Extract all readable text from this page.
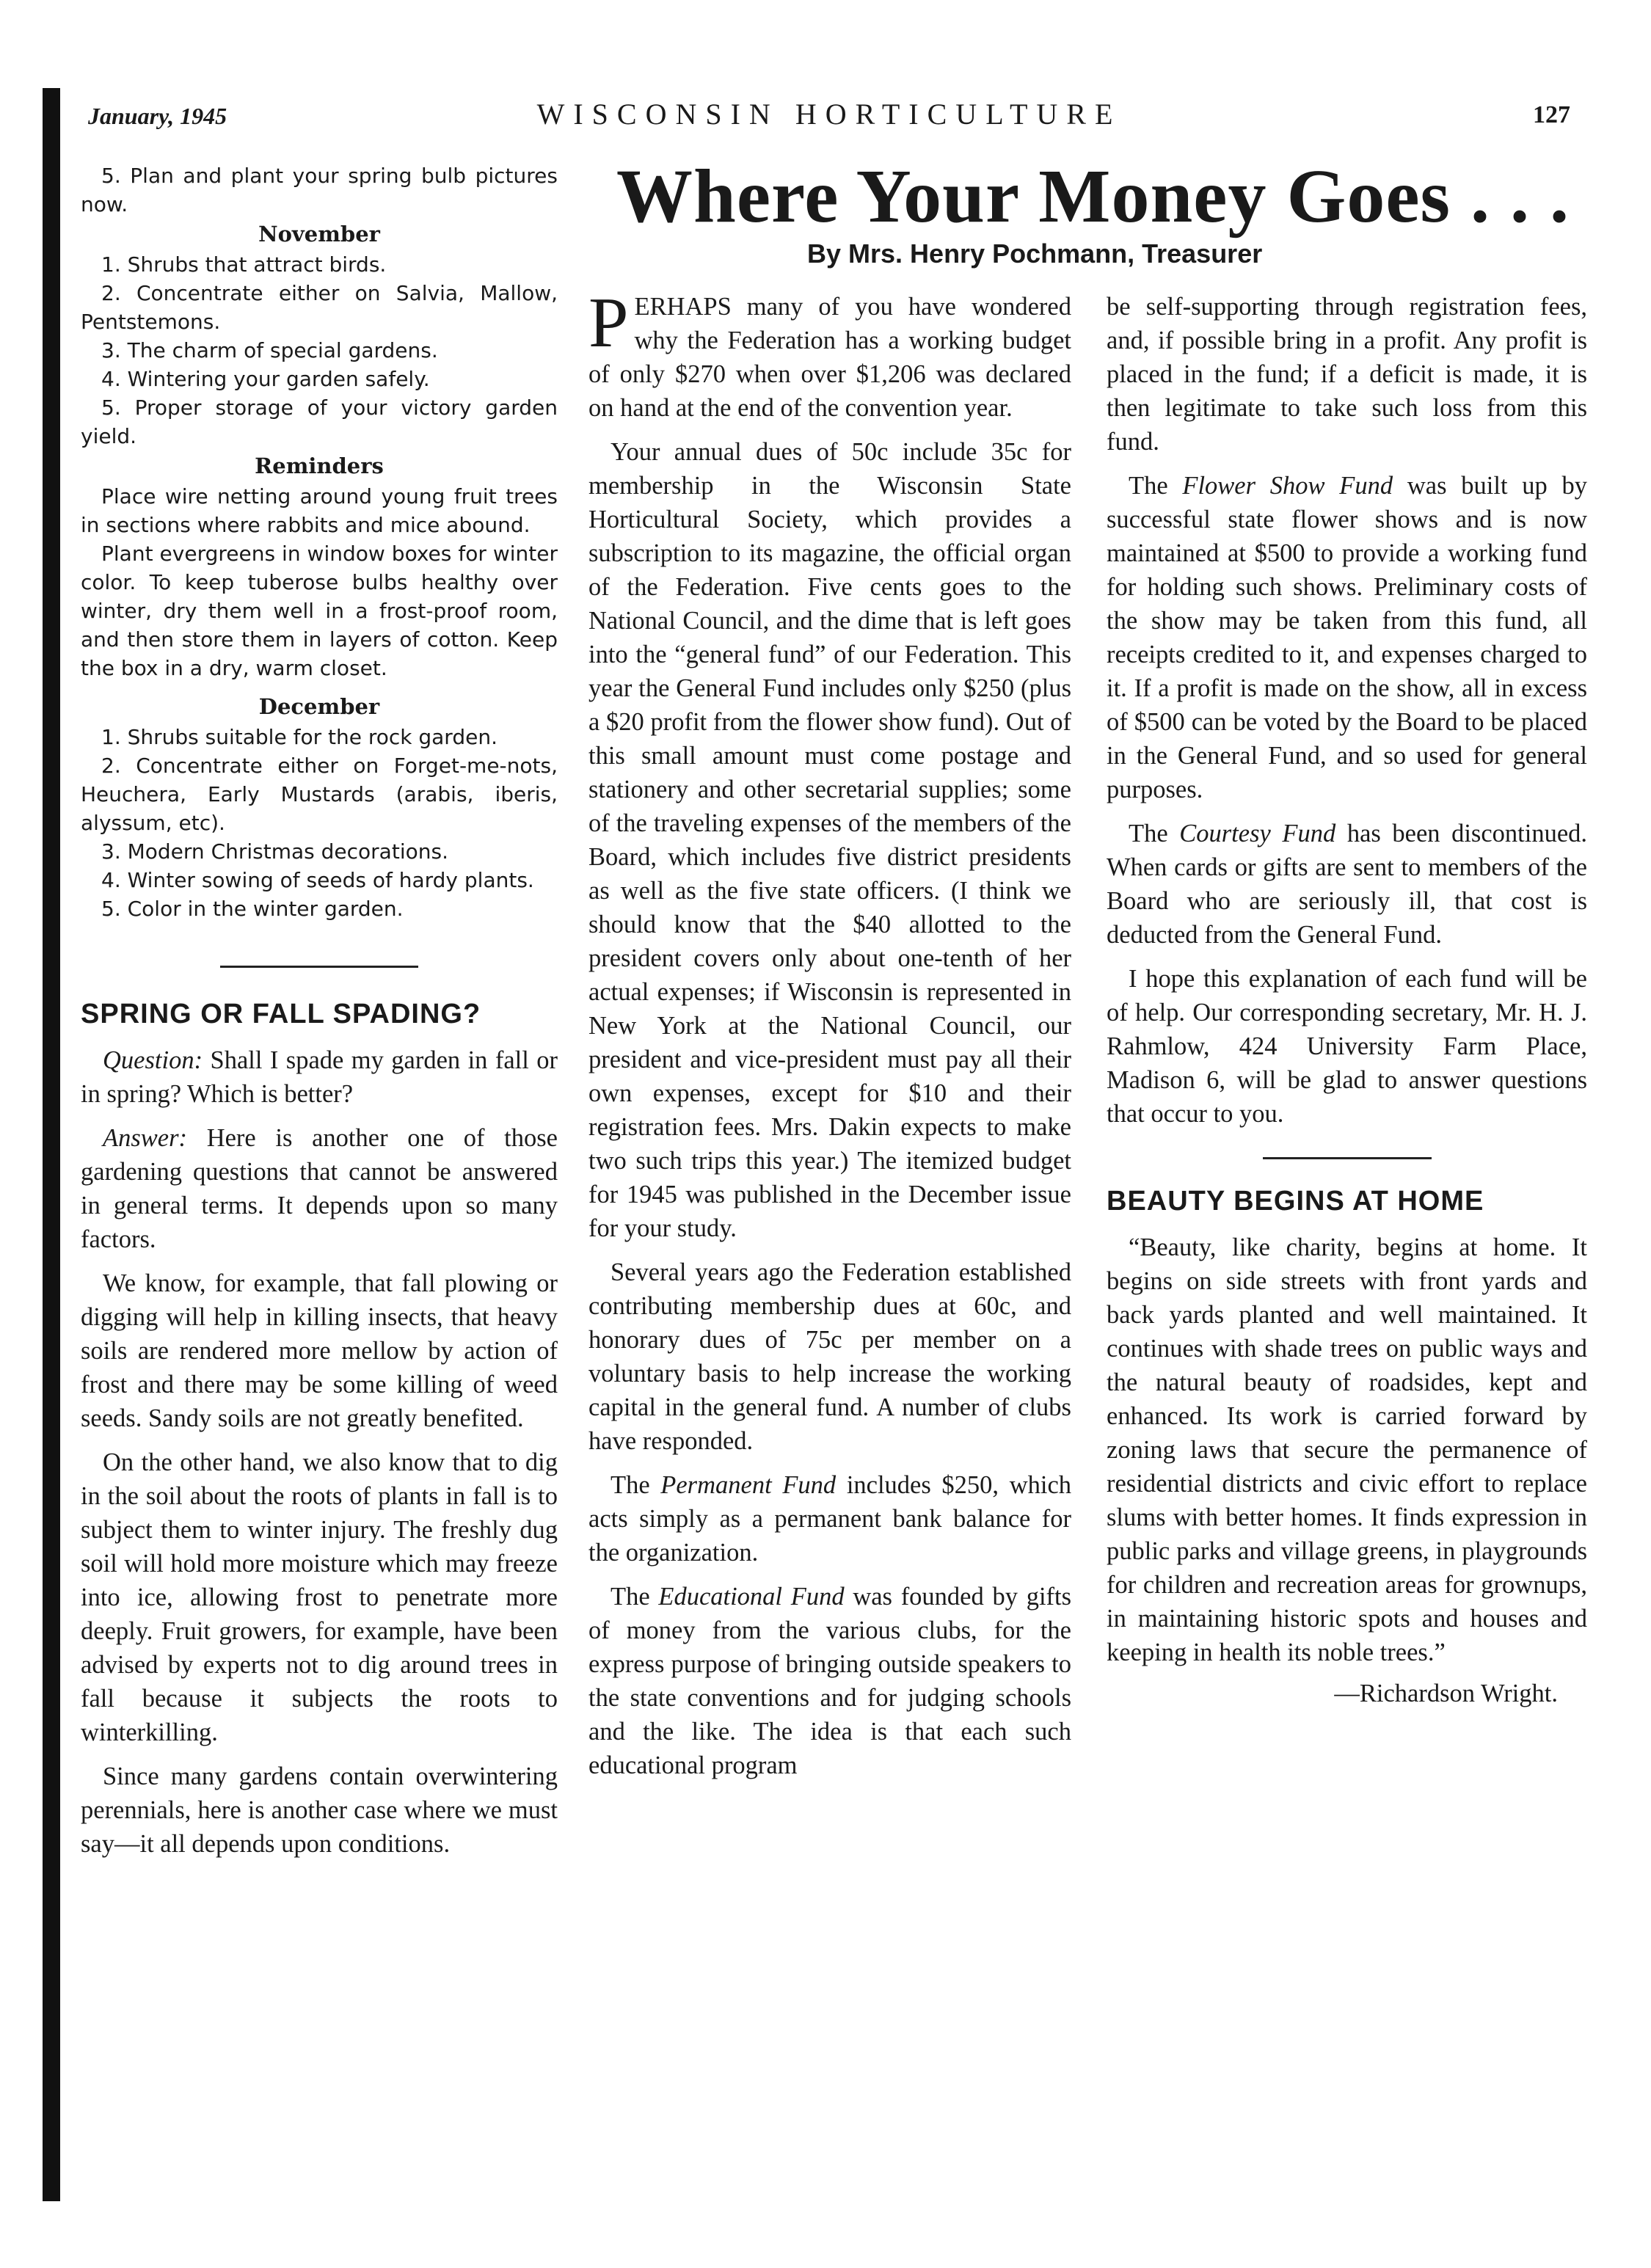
January, 1945	WISCONSIN HORTICULTURE	127

5. Plan and plant your spring bulb pictures now.

November

1. Shrubs that attract birds.

2. Concentrate either on Salvia, Mallow, Pentstemons.

3. The charm of special gardens.

4. Wintering your garden safely.

5. Proper storage of your victory garden yield.

Reminders

Place wire netting around young fruit trees in sections where rabbits and mice abound.

Plant evergreens in window boxes for winter color. To keep tuberose bulbs healthy over winter, dry them well in a frost-proof room, and then store them in layers of cotton. Keep the box in a dry, warm closet.

December

1. Shrubs suitable for the rock garden.

2. Concentrate either on Forget-me-nots, Heuchera, Early Mustards (arabis, iberis, alyssum, etc).

3. Modern Christmas decorations.

4. Winter sowing of seeds of hardy plants.

5. Color in the winter garden.

SPRING OR FALL SPADING?

Question: Shall I spade my garden in fall or in spring? Which is better?

Answer: Here is another one of those gardening questions that cannot be answered in general terms. It depends upon so many factors.

We know, for example, that fall plowing or digging will help in killing insects, that heavy soils are rendered more mellow by action of frost and there may be some killing of weed seeds. Sandy soils are not greatly benefited.

On the other hand, we also know that to dig in the soil about the roots of plants in fall is to subject them to winter injury. The freshly dug soil will hold more moisture which may freeze into ice, allowing frost to penetrate more deeply. Fruit growers, for example, have been advised by experts not to dig around trees in fall because it subjects the roots to winterkilling.

Since many gardens contain overwintering perennials, here is another case where we must say—it all depends upon conditions.

Where Your Money Goes . . .
By Mrs. Henry Pochmann, Treasurer

PERHAPS many of you have wondered why the Federation has a working budget of only $270 when over $1,206 was declared on hand at the end of the convention year.

Your annual dues of 50c include 35c for membership in the Wisconsin State Horticultural Society, which provides a subscription to its magazine, the official organ of the Federation. Five cents goes to the National Council, and the dime that is left goes into the “general fund” of our Federation. This year the General Fund includes only $250 (plus a $20 profit from the flower show fund). Out of this small amount must come postage and stationery and other secretarial supplies; some of the traveling expenses of the members of the Board, which includes five district presidents as well as the five state officers. (I think we should know that the $40 allotted to the president covers only about one-tenth of her actual expenses; if Wisconsin is represented in New York at the National Council, our president and vice-president must pay all their own expenses, except for $10 and their registration fees. Mrs. Dakin expects to make two such trips this year.) The itemized budget for 1945 was published in the December issue for your study.

Several years ago the Federation established contributing membership dues at 60c, and honorary dues of 75c per member on a voluntary basis to help increase the working capital in the general fund. A number of clubs have responded.

The Permanent Fund includes $250, which acts simply as a permanent bank balance for the organization.

The Educational Fund was founded by gifts of money from the various clubs, for the express purpose of bringing outside speakers to the state conventions and for judging schools and the like. The idea is that each such educational program

be self-supporting through registration fees, and, if possible bring in a profit. Any profit is placed in the fund; if a deficit is made, it is then legitimate to take such loss from this fund.

The Flower Show Fund was built up by successful state flower shows and is now maintained at $500 to provide a working fund for holding such shows. Preliminary costs of the show may be taken from this fund, all receipts credited to it, and expenses charged to it. If a profit is made on the show, all in excess of $500 can be voted by the Board to be placed in the General Fund, and so used for general purposes.

The Courtesy Fund has been discontinued. When cards or gifts are sent to members of the Board who are seriously ill, that cost is deducted from the General Fund.

I hope this explanation of each fund will be of help. Our corresponding secretary, Mr. H. J. Rahmlow, 424 University Farm Place, Madison 6, will be glad to answer questions that occur to you.

BEAUTY BEGINS AT HOME

“Beauty, like charity, begins at home. It begins on side streets with front yards and back yards planted and well maintained. It continues with shade trees on public ways and the natural beauty of roadsides, kept and enhanced. Its work is carried forward by zoning laws that secure the permanence of residential districts and civic effort to replace slums with better homes. It finds expression in public parks and village greens, in playgrounds for children and recreation areas for grownups, in maintaining historic spots and houses and keeping in health its noble trees.”

—Richardson Wright.
